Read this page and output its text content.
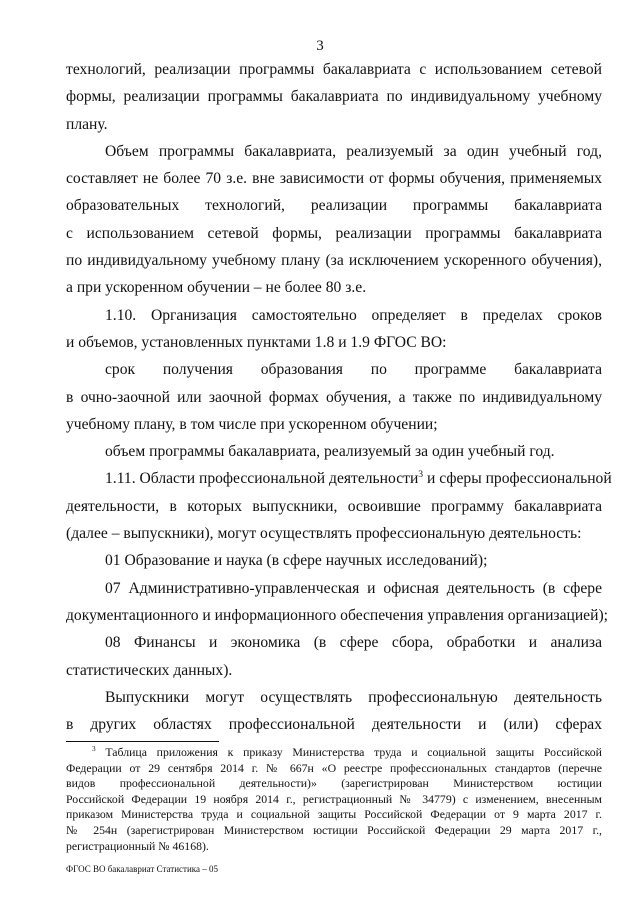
3
технологий, реализации программы бакалавриата с использованием сетевой
формы, реализации программы бакалавриата по индивидуальному учебному
плану.
Объем программы бакалавриата, реализуемый за один учебный год,
составляет не более 70 з.е. вне зависимости от формы обучения, применяемых
образовательных технологий, реализации программы бакалавриата
с использованием сетевой формы, реализации программы бакалавриата
по индивидуальному учебному плану (за исключением ускоренного обучения),
а при ускоренном обучении – не более 80 з.е.
1.10. Организация самостоятельно определяет в пределах сроков
и объемов, установленных пунктами 1.8 и 1.9 ФГОС ВО:
срок получения образования по программе бакалавриата
в очно-заочной или заочной формах обучения, а также по индивидуальному
учебному плану, в том числе при ускоренном обучении;
объем программы бакалавриата, реализуемый за один учебный год.
1.11. Области профессиональной деятельности$^3$ и сферы профессиональной
деятельности, в которых выпускники, освоившие программу бакалавриата
(далее – выпускники), могут осуществлять профессиональную деятельность:
01 Образование и наука (в сфере научных исследований);
07 Административно-управленческая и офисная деятельность (в сфере
документационного и информационного обеспечения управления организацией);
08 Финансы и экономика (в сфере сбора, обработки и анализа
статистических данных).
Выпускники могут осуществлять профессиональную деятельность
в других областях профессиональной деятельности и (или) сферах
$^3$ Таблица приложения к приказу Министерства труда и социальной защиты Российской
Федерации от 29 сентября 2014 г. № 667н «О реестре профессиональных стандартов (перечне
видов профессиональной деятельности)» (зарегистрирован Министерством юстиции
Российской Федерации 19 ноября 2014 г., регистрационный № 34779) с изменением, внесенным
приказом Министерства труда и социальной защиты Российской Федерации от 9 марта 2017 г.
№ 254н (зарегистрирован Министерством юстиции Российской Федерации 29 марта 2017 г.,
регистрационный № 46168).
ФГОС ВО бакалавриат Статистика – 05
